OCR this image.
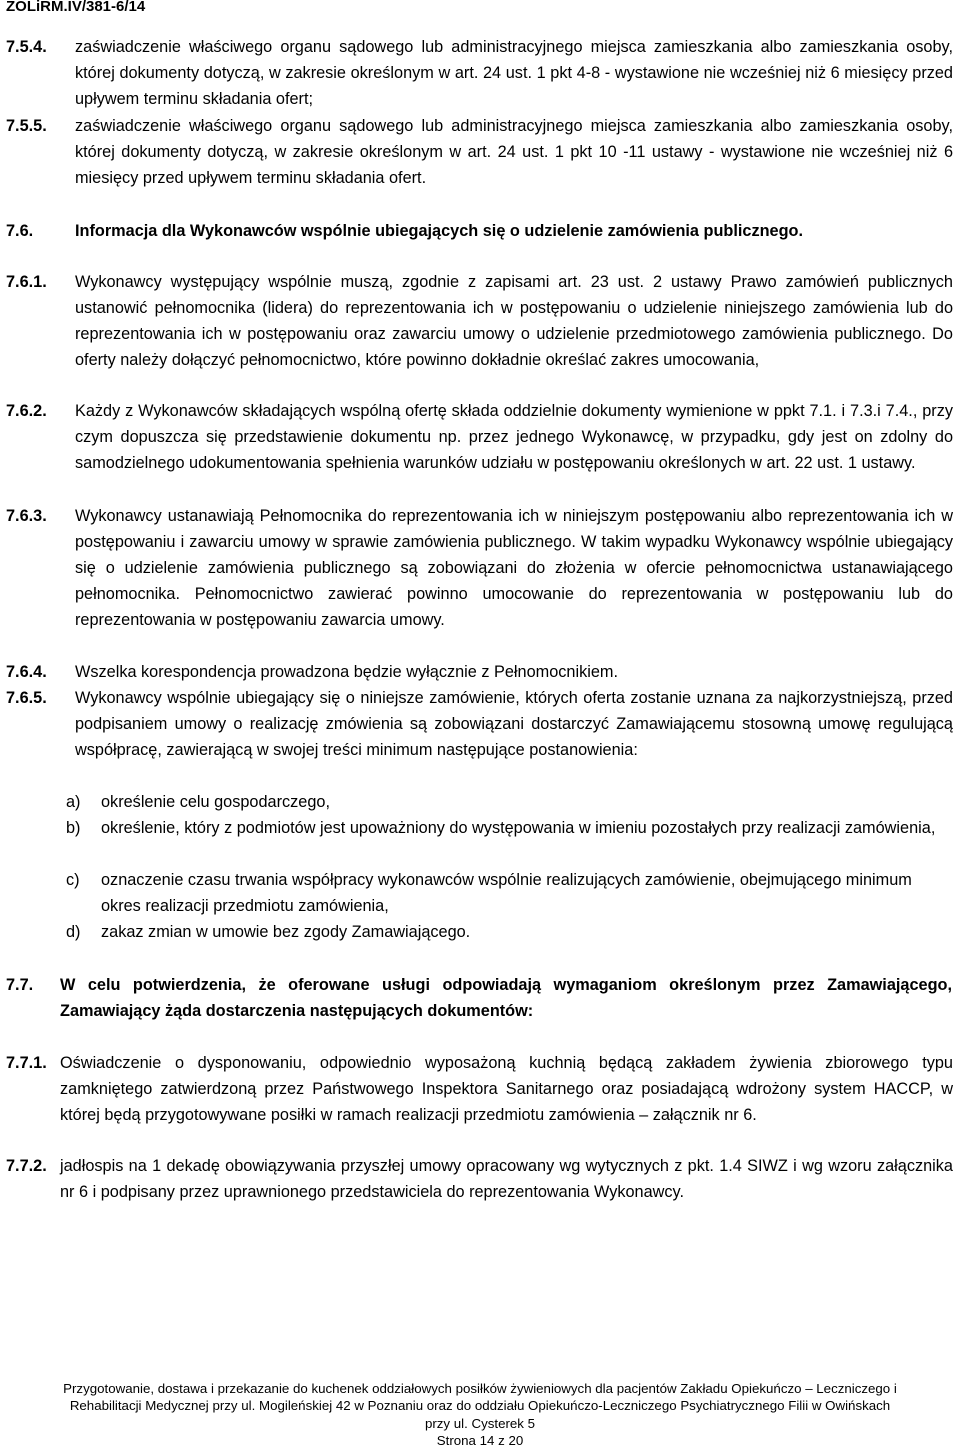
ZOLiRM.IV/381-6/14
7.5.4. zaświadczenie właściwego organu sądowego lub administracyjnego miejsca zamieszkania albo zamieszkania osoby, której dokumenty dotyczą, w zakresie określonym w art. 24 ust. 1 pkt 4-8 - wystawione nie wcześniej niż 6 miesięcy przed upływem terminu składania ofert;
7.5.5. zaświadczenie właściwego organu sądowego lub administracyjnego miejsca zamieszkania albo zamieszkania osoby, której dokumenty dotyczą, w zakresie określonym w art. 24 ust. 1 pkt 10 -11 ustawy - wystawione nie wcześniej niż 6 miesięcy przed upływem terminu składania ofert.
7.6.	Informacja dla Wykonawców wspólnie ubiegających się o udzielenie zamówienia publicznego.
7.6.1. Wykonawcy występujący wspólnie muszą, zgodnie z zapisami art. 23 ust. 2 ustawy Prawo zamówień publicznych ustanowić pełnomocnika (lidera) do reprezentowania ich w postępowaniu o udzielenie niniejszego zamówienia lub do reprezentowania ich w postępowaniu oraz zawarciu umowy o udzielenie przedmiotowego zamówienia publicznego. Do oferty należy dołączyć pełnomocnictwo, które powinno dokładnie określać zakres umocowania,
7.6.2. Każdy z Wykonawców składających wspólną ofertę składa oddzielnie dokumenty wymienione w ppkt 7.1. i 7.3.i 7.4., przy czym dopuszcza się przedstawienie dokumentu np. przez jednego Wykonawcę, w przypadku, gdy jest on zdolny do samodzielnego udokumentowania spełnienia warunków udziału w postępowaniu określonych w art. 22 ust. 1 ustawy.
7.6.3. Wykonawcy ustanawiają Pełnomocnika do reprezentowania ich w niniejszym postępowaniu albo reprezentowania ich w postępowaniu i zawarciu umowy w sprawie zamówienia publicznego. W takim wypadku Wykonawcy wspólnie ubiegający się o udzielenie zamówienia publicznego są zobowiązani do złożenia w ofercie pełnomocnictwa ustanawiającego pełnomocnika. Pełnomocnictwo zawierać powinno umocowanie do reprezentowania w postępowaniu lub do reprezentowania w postępowaniu zawarcia umowy.
7.6.4. Wszelka korespondencja prowadzona będzie wyłącznie z Pełnomocnikiem.
7.6.5. Wykonawcy wspólnie ubiegający się o niniejsze zamówienie, których oferta zostanie uznana za najkorzystniejszą, przed podpisaniem umowy o realizację zmówienia są zobowiązani dostarczyć Zamawiającemu stosowną umowę regulującą współpracę, zawierającą w swojej treści minimum następujące postanowienia:
a) określenie celu gospodarczego,
b) określenie, który z podmiotów jest upoważniony do występowania w imieniu pozostałych przy realizacji zamówienia,
c) oznaczenie czasu trwania współpracy wykonawców wspólnie realizujących zamówienie, obejmującego minimum okres realizacji przedmiotu zamówienia,
d) zakaz zmian w umowie bez zgody Zamawiającego.
7.7. W celu potwierdzenia, że oferowane usługi odpowiadają wymaganiom określonym przez Zamawiającego, Zamawiający żąda dostarczenia następujących dokumentów:
7.7.1. Oświadczenie o dysponowaniu, odpowiednio wyposażoną kuchnią będącą zakładem żywienia zbiorowego typu zamkniętego zatwierdzoną przez Państwowego Inspektora Sanitarnego oraz posiadającą wdrożony system HACCP, w której będą przygotowywane posiłki w ramach realizacji przedmiotu zamówienia – załącznik nr 6.
7.7.2. jadłospis na 1 dekadę obowiązywania przyszłej umowy opracowany wg wytycznych z pkt. 1.4 SIWZ i wg wzoru załącznika nr 6 i podpisany przez uprawnionego przedstawiciela do reprezentowania Wykonawcy.
Przygotowanie, dostawa i przekazanie do kuchenek oddziałowych posiłków żywieniowych dla pacjentów Zakładu Opiekuńczo – Leczniczego i
Rehabilitacji Medycznej przy ul. Mogileńskiej 42 w Poznaniu oraz do oddziału Opiekuńczo-Leczniczego Psychiatrycznego Filii w Owińskach
przy ul. Cysterek 5
Strona 14 z 20
